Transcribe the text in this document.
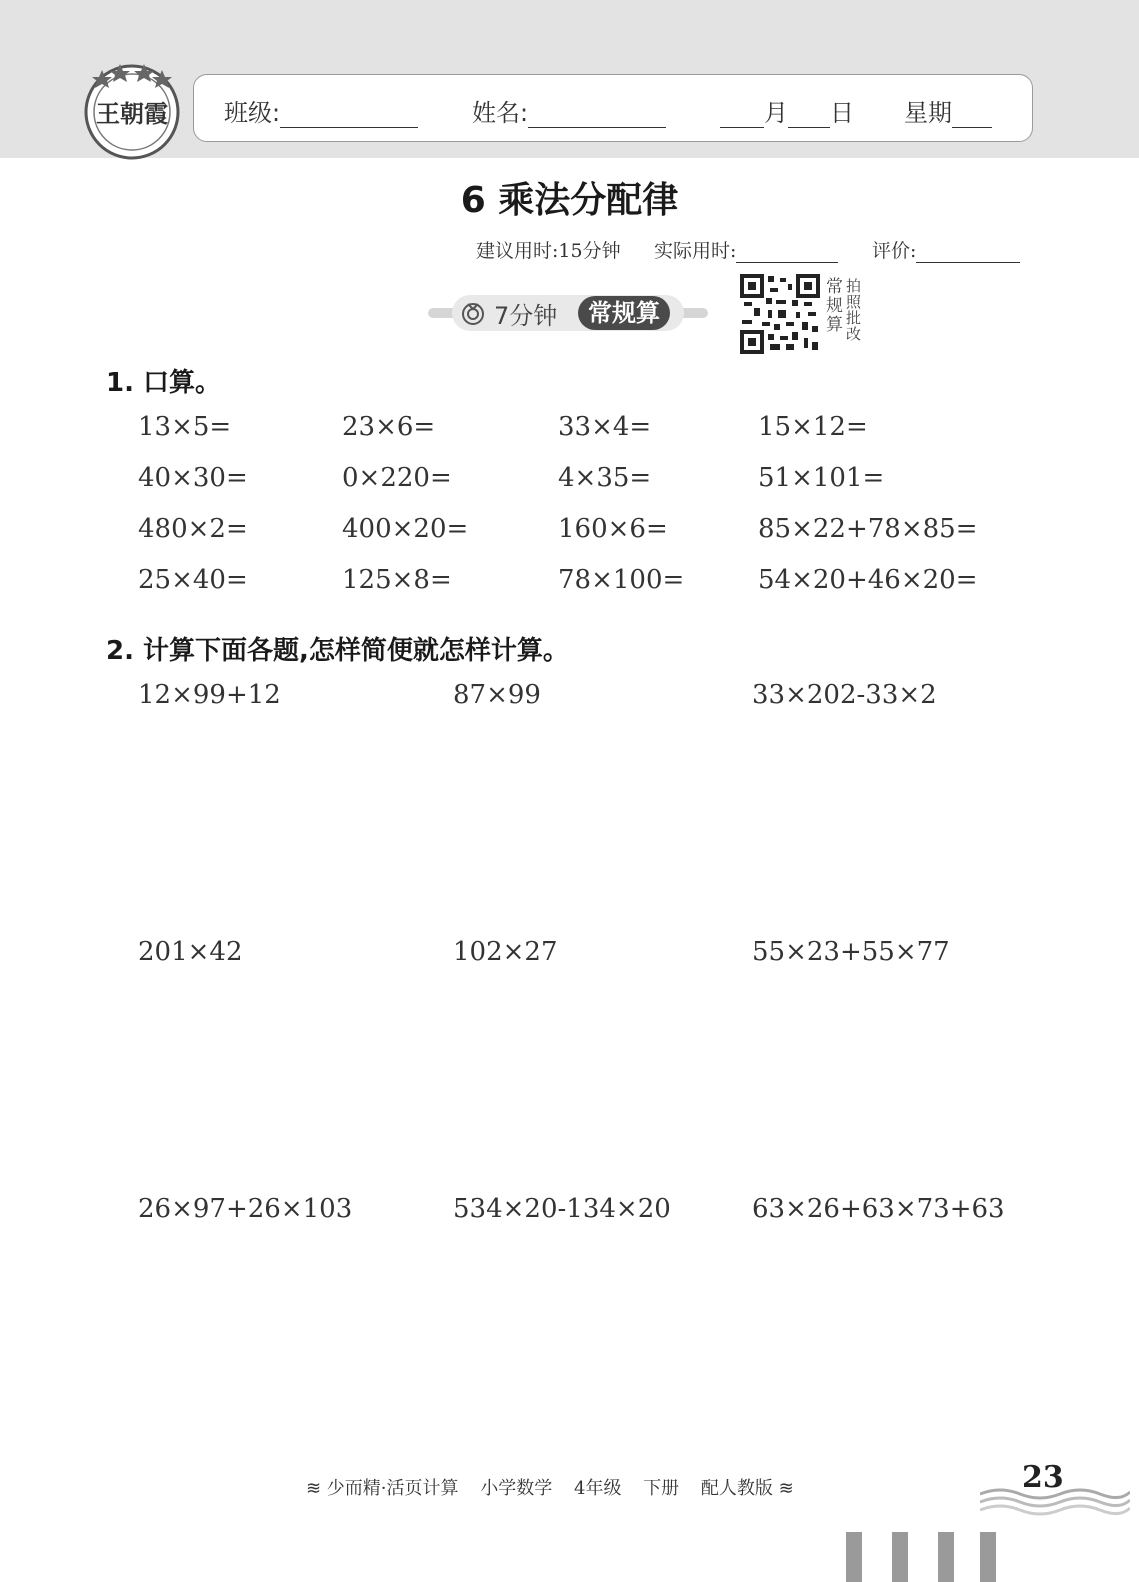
王朝霞 班级:	姓名:	月 日 星期
6 乘法分配律
建议用时:15分钟 实际用时:	评价:
7分钟	常规算
常规算
拍照批改
1. 口算。
13×5=	23×6=	33×4=	15×12=
40×30=	0×220=	4×35=	51×101=
480×2=	400×20=	160×6=	85×22+78×85=
25×40=	125×8=	78×100=	54×20+46×20=
2. 计算下面各题,怎样简便就怎样计算。
12×99+12	87×99	33×202-33×2
201×42	102×27	55×23+55×77
26×97+26×103	534×20-134×20	63×26+63×73+63
≋ 少而精·活页计算 小学数学 4年级 下册 配人教版 ≋	23
